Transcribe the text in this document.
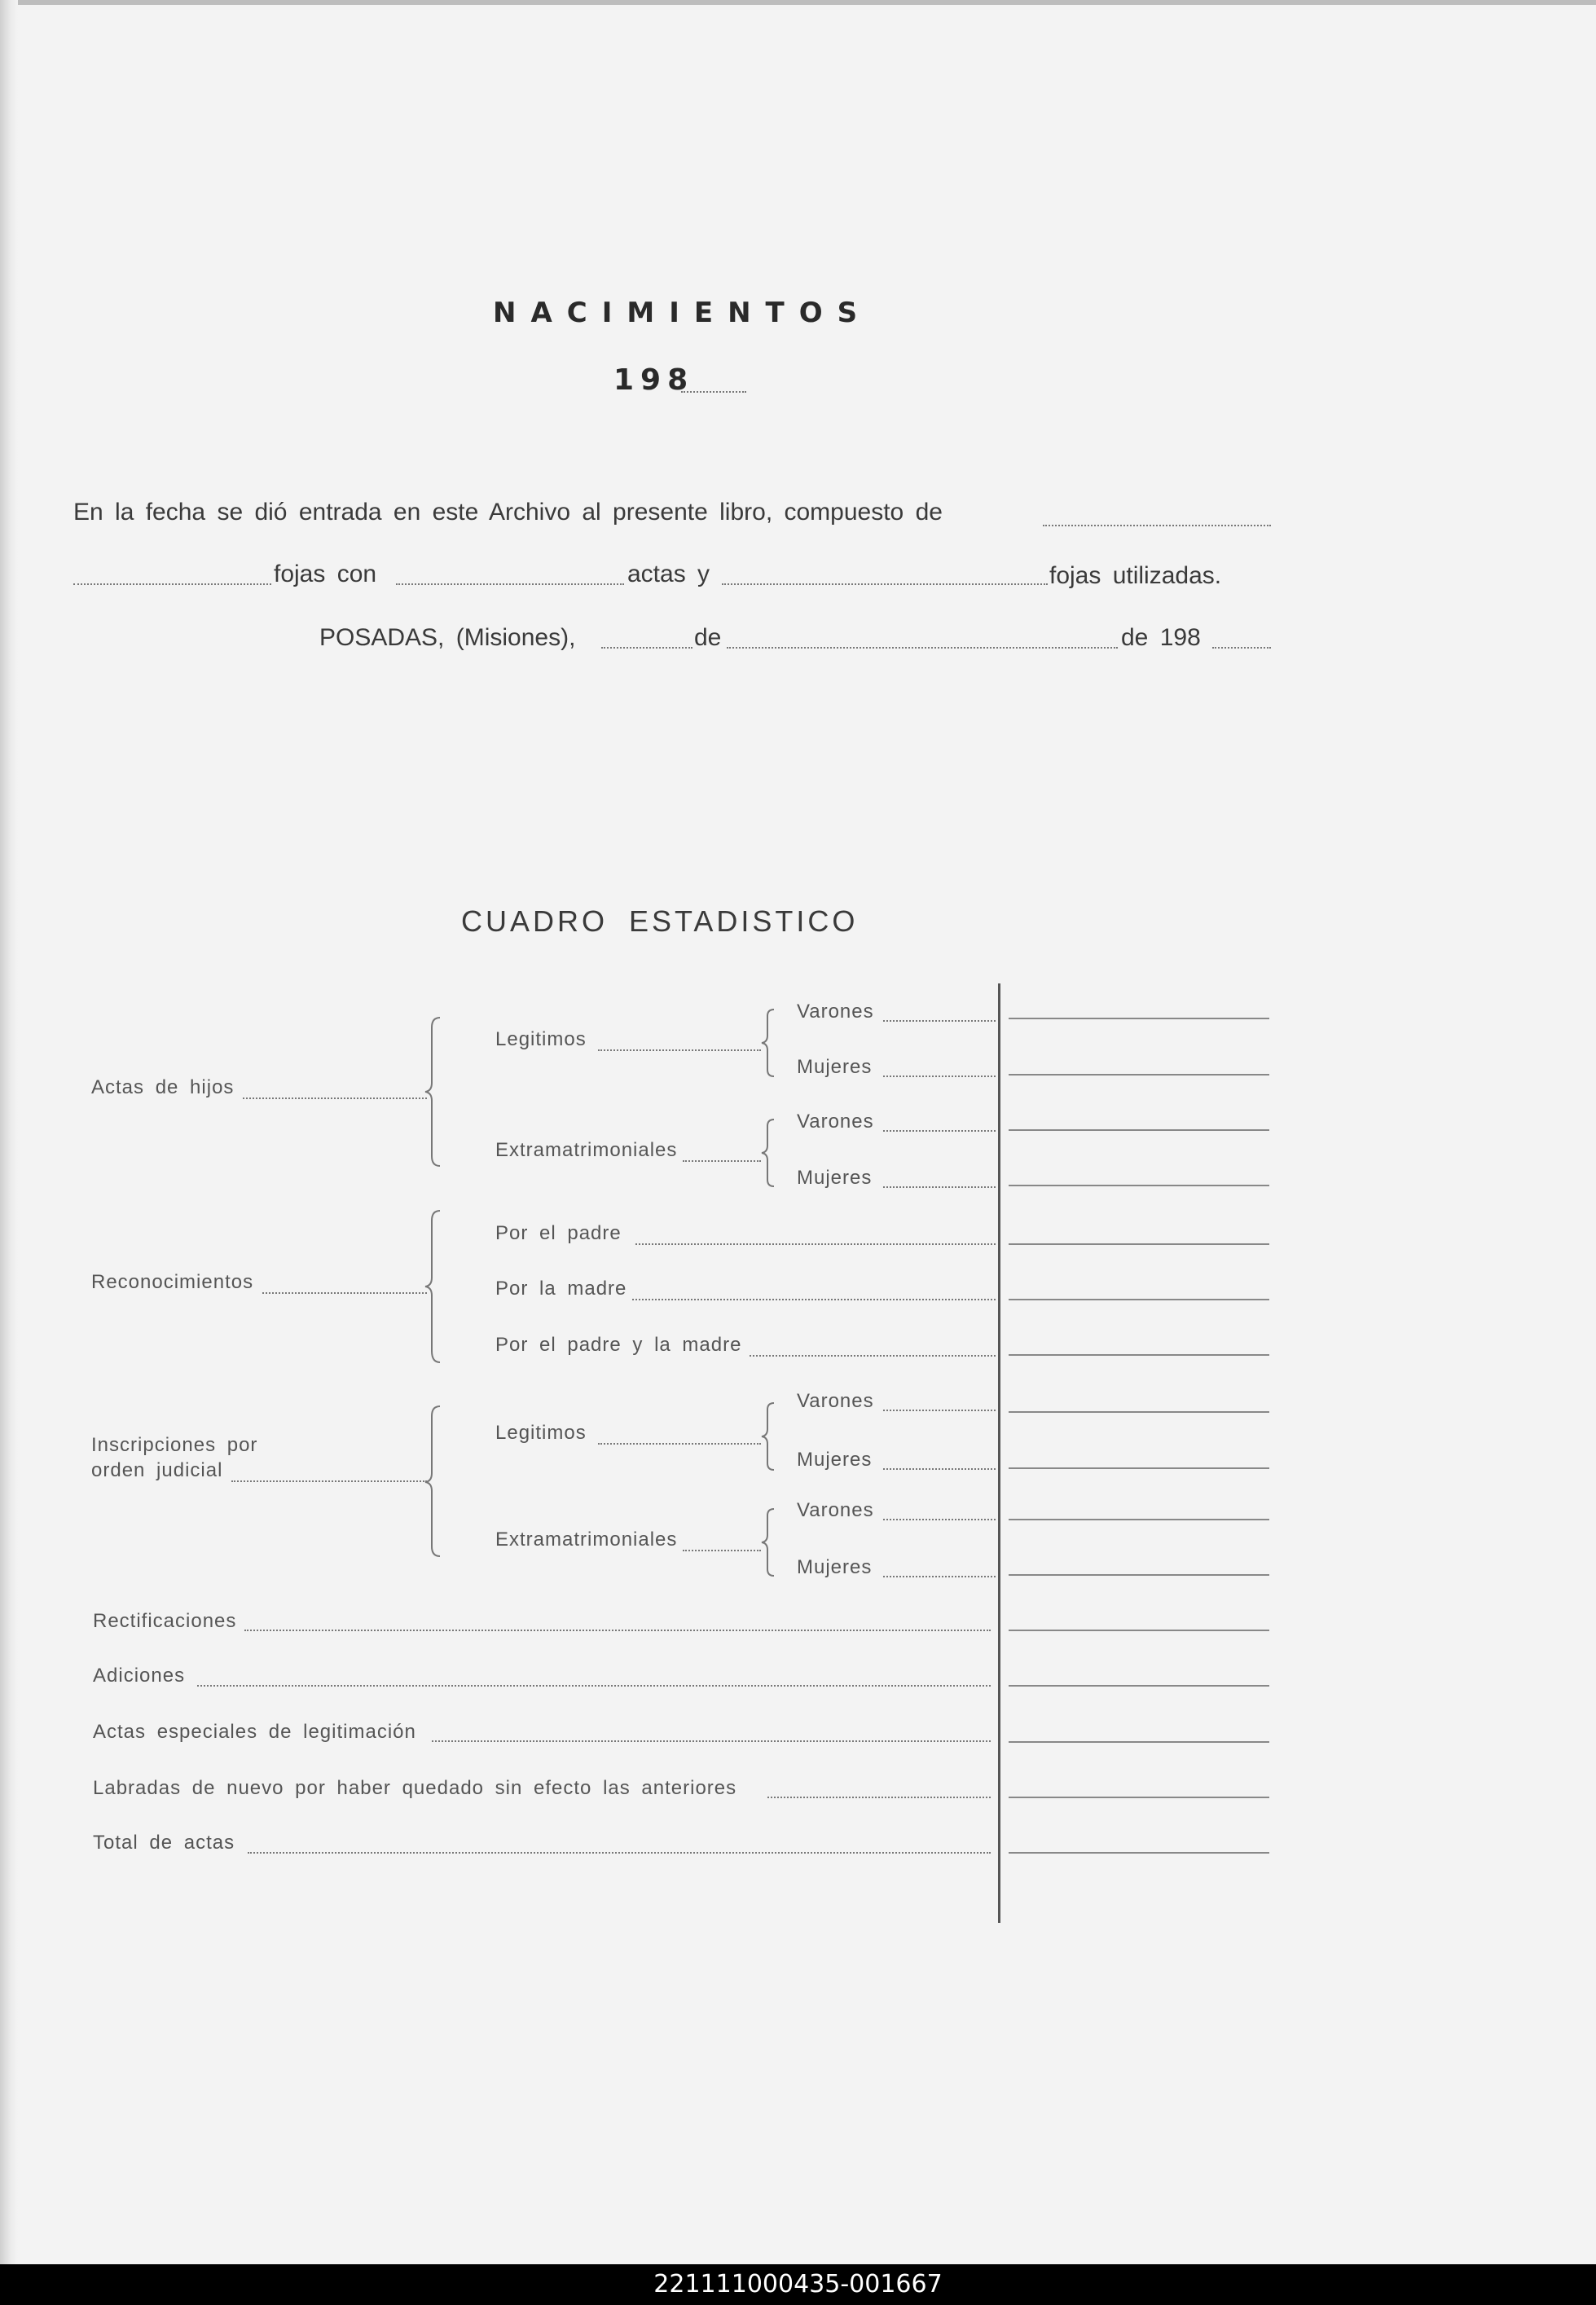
NACIMIENTOS
198
En la fecha se dió entrada en este Archivo al presente libro, compuesto de
fojas con	actas y	fojas utilizadas.
POSADAS, (Misiones),	de	de 198
CUADRO ESTADISTICO
Actas de hijos
Legitimos
Varones
Mujeres
Extramatrimoniales
Varones
Mujeres
Reconocimientos
Por el padre
Por la madre
Por el padre y la madre
Inscripciones por
orden judicial
Legitimos
Varones
Mujeres
Extramatrimoniales
Varones
Mujeres
Rectificaciones
Adiciones
Actas especiales de legitimación
Labradas de nuevo por haber quedado sin efecto las anteriores
Total de actas
221111000435-001667
